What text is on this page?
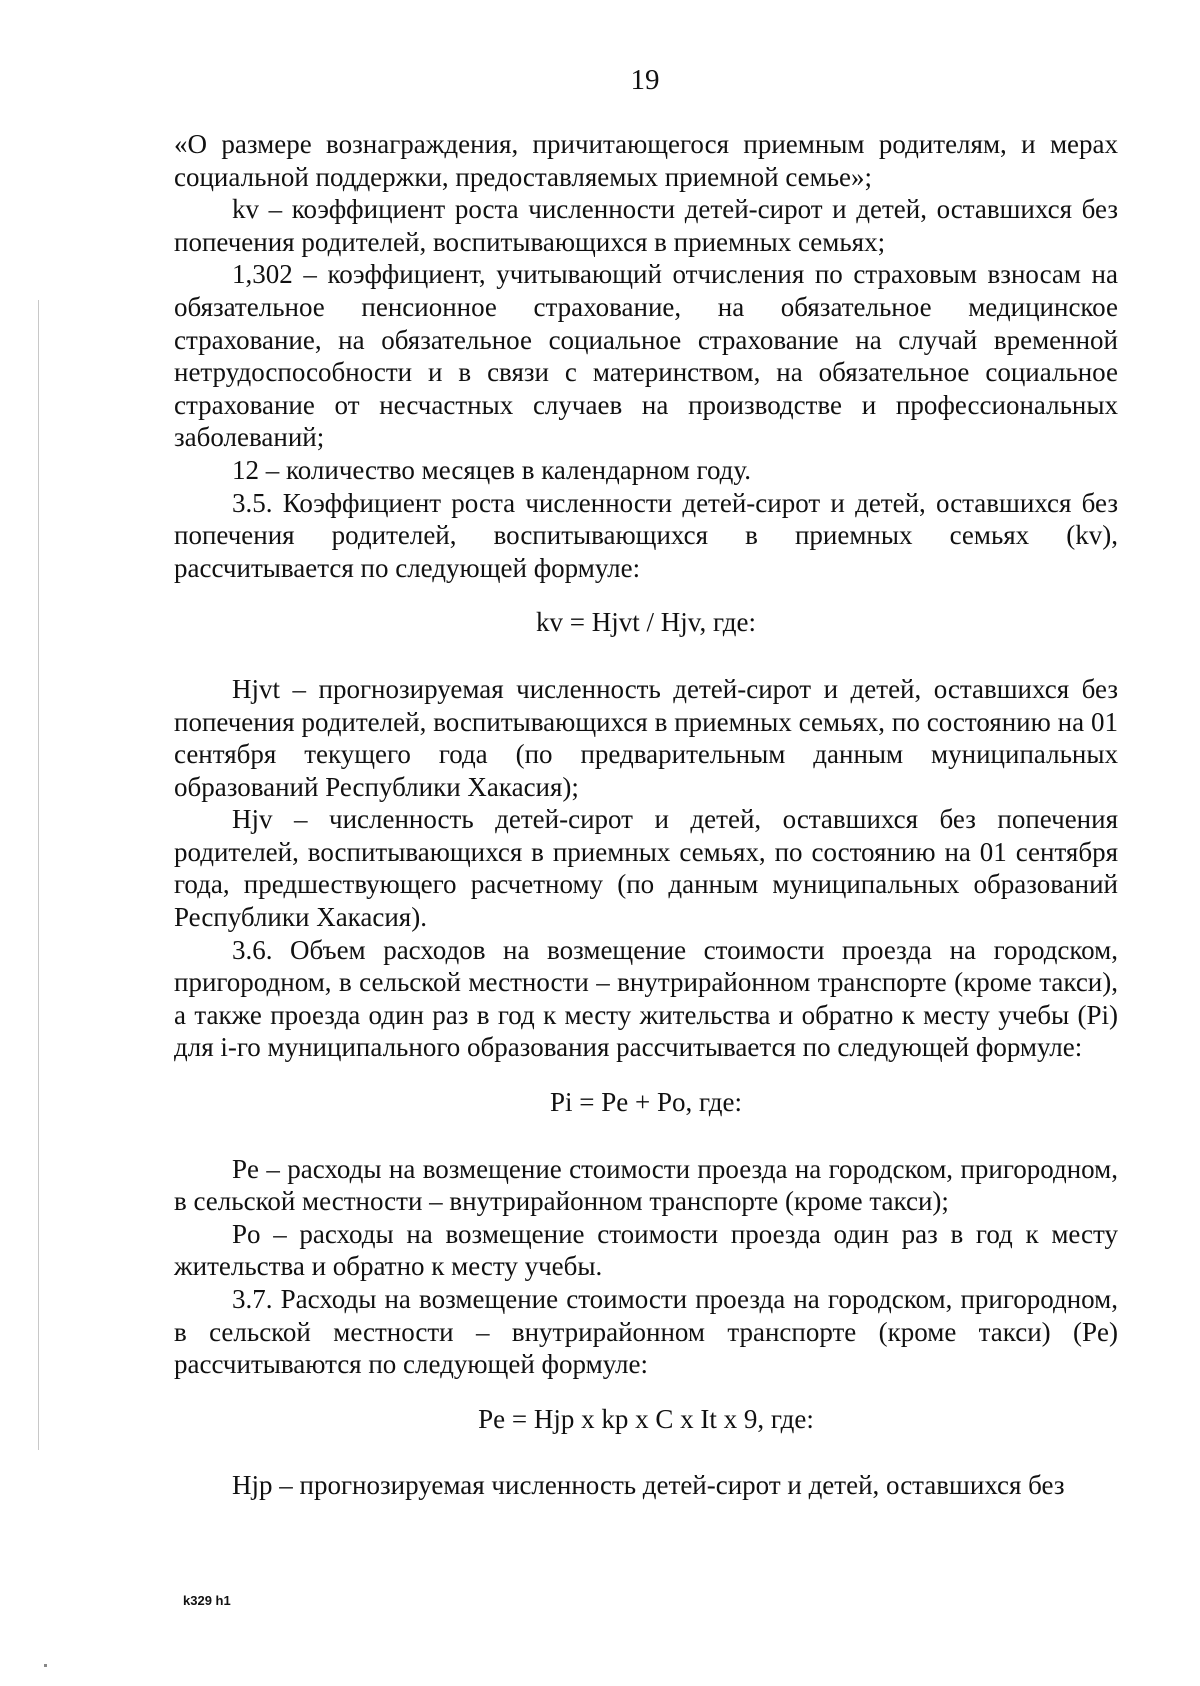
19

«О размере вознаграждения, причитающегося приемным родителям, и мерах социальной поддержки, предоставляемых приемной семье»;

kv – коэффициент роста численности детей-сирот и детей, оставшихся без попечения родителей, воспитывающихся в приемных семьях;

1,302 – коэффициент, учитывающий отчисления по страховым взносам на обязательное пенсионное страхование, на обязательное медицинское страхование, на обязательное социальное страхование на случай временной нетрудоспособности и в связи с материнством, на обязательное социальное страхование от несчастных случаев на производстве и профессиональных заболеваний;

12 – количество месяцев в календарном году.

3.5. Коэффициент роста численности детей-сирот и детей, оставшихся без попечения родителей, воспитывающихся в приемных семьях (kv), рассчитывается по следующей формуле:

kv = Hjvt / Hjv, где:

Hjvt – прогнозируемая численность детей-сирот и детей, оставшихся без попечения родителей, воспитывающихся в приемных семьях, по состоянию на 01 сентября текущего года (по предварительным данным муниципальных образований Республики Хакасия);

Hjv – численность детей-сирот и детей, оставшихся без попечения родителей, воспитывающихся в приемных семьях, по состоянию на 01 сентября года, предшествующего расчетному (по данным муниципальных образований Республики Хакасия).

3.6. Объем расходов на возмещение стоимости проезда на городском, пригородном, в сельской местности – внутрирайонном транспорте (кроме такси), а также проезда один раз в год к месту жительства и обратно к месту учебы (Pi) для i-го муниципального образования рассчитывается по следующей формуле:

Pi = Pe + Po, где:

Pe – расходы на возмещение стоимости проезда на городском, пригородном, в сельской местности – внутрирайонном транспорте (кроме такси);

Po – расходы на возмещение стоимости проезда один раз в год к месту жительства и обратно к месту учебы.

3.7. Расходы на возмещение стоимости проезда на городском, пригородном, в сельской местности – внутрирайонном транспорте (кроме такси) (Pe) рассчитываются по следующей формуле:

Pe = Hjp x kp x C x It x 9, где:

Hjp – прогнозируемая численность детей-сирот и детей, оставшихся без

k329 h1
